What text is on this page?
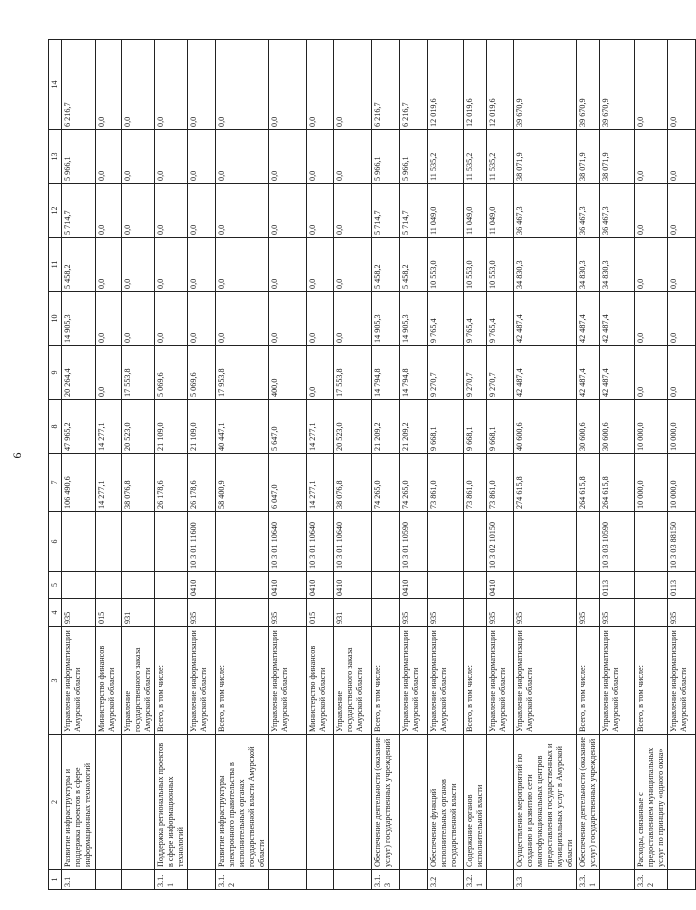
9
1	2	3	4	5	6	7	8	9	10	11	12	13	14
3.1	Развитие инфраструктуры и поддержка проектов в сфере информационных технологий	Управление информатизации Амурской области	935			106 490,6	47 965,2	20 264,4	14 905,3	5 458,2	5 714,7	5 966,1	6 216,7
		Министерство финансов Амурской области	015			14 277,1	14 277,1	0,0	0,0	0,0	0,0	0,0	0,0
		Управление государственного заказа Амурской области	931			38 076,8	20 523,0	17 553,8	0,0	0,0	0,0	0,0	0,0
3.1.1	Поддержка региональных проектов в сфере информационных технологий	Всего, в том числе:				26 178,6	21 109,0	5 069,6	0,0	0,0	0,0	0,0	0,0
		Управление информатизации Амурской области	935	0410	10 3 01 11600	26 178,6	21 109,0	5 069,6	0,0	0,0	0,0	0,0	0,0
3.1.2	Развитие инфраструктуры электронного правительства в исполнительных органах государственной власти Амурской области	Всего, в том числе:				58 400,9	40 447,1	17 953,8	0,0	0,0	0,0	0,0	0,0
		Управление информатизации Амурской области	935	0410	10 3 01 10640	6 047,0	5 647,0	400,0	0,0	0,0	0,0	0,0	0,0
		Министерство финансов Амурской области	015	0410	10 3 01 10640	14 277,1	14 277,1	0,0	0,0	0,0	0,0	0,0	0,0
		Управление государственного заказа Амурской области	931	0410	10 3 01 10640	38 076,8	20 523,0	17 553,8	0,0	0,0	0,0	0,0	0,0
3.1.3	Обеспечение деятельности (оказание услуг) государственных учреждений	Всего, в том числе:				74 265,0	21 209,2	14 794,8	14 905,3	5 458,2	5 714,7	5 966,1	6 216,7
		Управление информатизации Амурской области	935	0410	10 3 01 10590	74 265,0	21 209,2	14 794,8	14 905,3	5 458,2	5 714,7	5 966,1	6 216,7
3.2	Обеспечение функций исполнительных органов государственной власти	Управление информатизации Амурской области	935			73 861,0	9 668,1	9 270,7	9 765,4	10 553,0	11 049,0	11 535,2	12 019,6
3.2.1	Содержание органов исполнительной власти	Всего, в том числе:				73 861,0	9 668,1	9 270,7	9 765,4	10 553,0	11 049,0	11 535,2	12 019,6
		Управление информатизации Амурской области	935	0410	10 3 02 10150	73 861,0	9 668,1	9 270,7	9 765,4	10 553,0	11 049,0	11 535,2	12 019,6
3.3	Осуществление мероприятий по созданию и развитию сети многофункциональных центров предоставления государственных и муниципальных услуг в Амурской области	Управление информатизации Амурской области	935			274 615,8	40 600,6	42 487,4	42 487,4	34 830,3	36 467,3	38 071,9	39 670,9
3.3.1	Обеспечение деятельности (оказание услуг) государственных учреждений	Всего, в том числе:	935			264 615,8	30 600,6	42 487,4	42 487,4	34 830,3	36 467,3	38 071,9	39 670,9
		Управление информатизации Амурской области	935	0113	10 3 03 10590	264 615,8	30 600,6	42 487,4	42 487,4	34 830,3	36 467,3	38 071,9	39 670,9
3.3.2	Расходы, связанные с предоставлением муниципальных услуг по принципу «одного окна»	Всего, в том числе:				10 000,0	10 000,0	0,0	0,0	0,0	0,0	0,0	0,0
		Управление информатизации Амурской области	935	0113	10 3 03 88150	10 000,0	10 000,0	0,0	0,0	0,0	0,0	0,0	0,0
